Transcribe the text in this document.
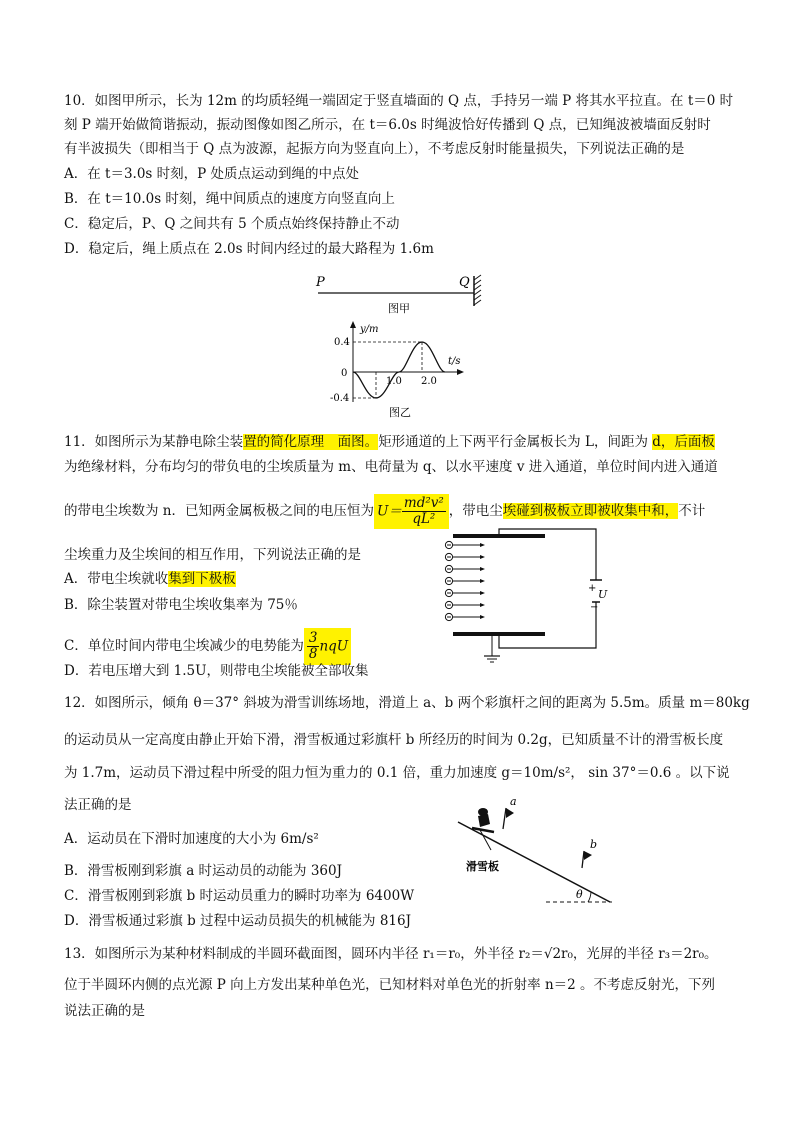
10．如图甲所示，长为 12m 的均质轻绳一端固定于竖直墙面的 Q 点，手持另一端 P 将其水平拉直。在 t＝0 时
刻 P 端开始做简谐振动，振动图像如图乙所示，在 t＝6.0s 时绳波恰好传播到 Q 点，已知绳波被墙面反射时
有半波损失（即相当于 Q 点为波源，起振方向为竖直向上），不考虑反射时能量损失，下列说法正确的是
A．在 t＝3.0s 时刻，P 处质点运动到绳的中点处
B．在 t＝10.0s 时刻，绳中间质点的速度方向竖直向上
C．稳定后，P、Q 之间共有 5 个质点始终保持静止不动
D．稳定后，绳上质点在 2.0s 时间内经过的最大路程为 1.6m
P	Q
图甲
y/m
t/s
0.4
0
-0.4
1.0 2.0
图乙
11．如图所示为某静电除尘装置的简化原理　面图。矩形通道的上下两平行金属板长为 L，间距为 d，后面板
为绝缘材料，分布均匀的带负电的尘埃质量为 m、电荷量为 q、以水平速度 v 进入通道，单位时间内进入通道
的带电尘埃数为 n．已知两金属板极之间的电压恒为 $U= \frac{\text{md²v²}}{\text{qL²}}$ ，带电尘埃碰到极板立即被收集中和，不计
尘埃重力及尘埃间的相互作用，下列说法正确的是
A．带电尘埃就收集到下极板
B．除尘装置对带电尘埃收集率为 75％
C．单位时间内带电尘埃减少的电势能为 $\frac{3}{8}$ nqU
D．若电压增大到 1.5U，则带电尘埃能被全部收集
+
−
U
12．如图所示，倾角 θ＝37° 斜坡为滑雪训练场地，滑道上 a、b 两个彩旗杆之间的距离为 5.5m。质量 m＝80kg
的运动员从一定高度由静止开始下滑，滑雪板通过彩旗杆 b 所经历的时间为 0.2g，已知质量不计的滑雪板长度
为 1.7m，运动员下滑过程中所受的阻力恒为重力的 0.1 倍，重力加速度 g＝10m/s²， sin 37°＝0.6 。以下说
法正确的是
A．运动员在下滑时加速度的大小为 6m/s²
B．滑雪板刚到彩旗 a 时运动员的动能为 360J
C．滑雪板刚到彩旗 b 时运动员重力的瞬时功率为 6400W
D．滑雪板通过彩旗 b 过程中运动员损失的机械能为 816J
θ
a
b
滑雪板
13．如图所示为某种材料制成的半圆环截面图，圆环内半径 r₁＝r₀，外半径 r₂＝√2r₀，光屏的半径 r₃＝2r₀。
位于半圆环内侧的点光源 P 向上方发出某种单色光，已知材料对单色光的折射率 n＝2 。不考虑反射光，下列
说法正确的是
